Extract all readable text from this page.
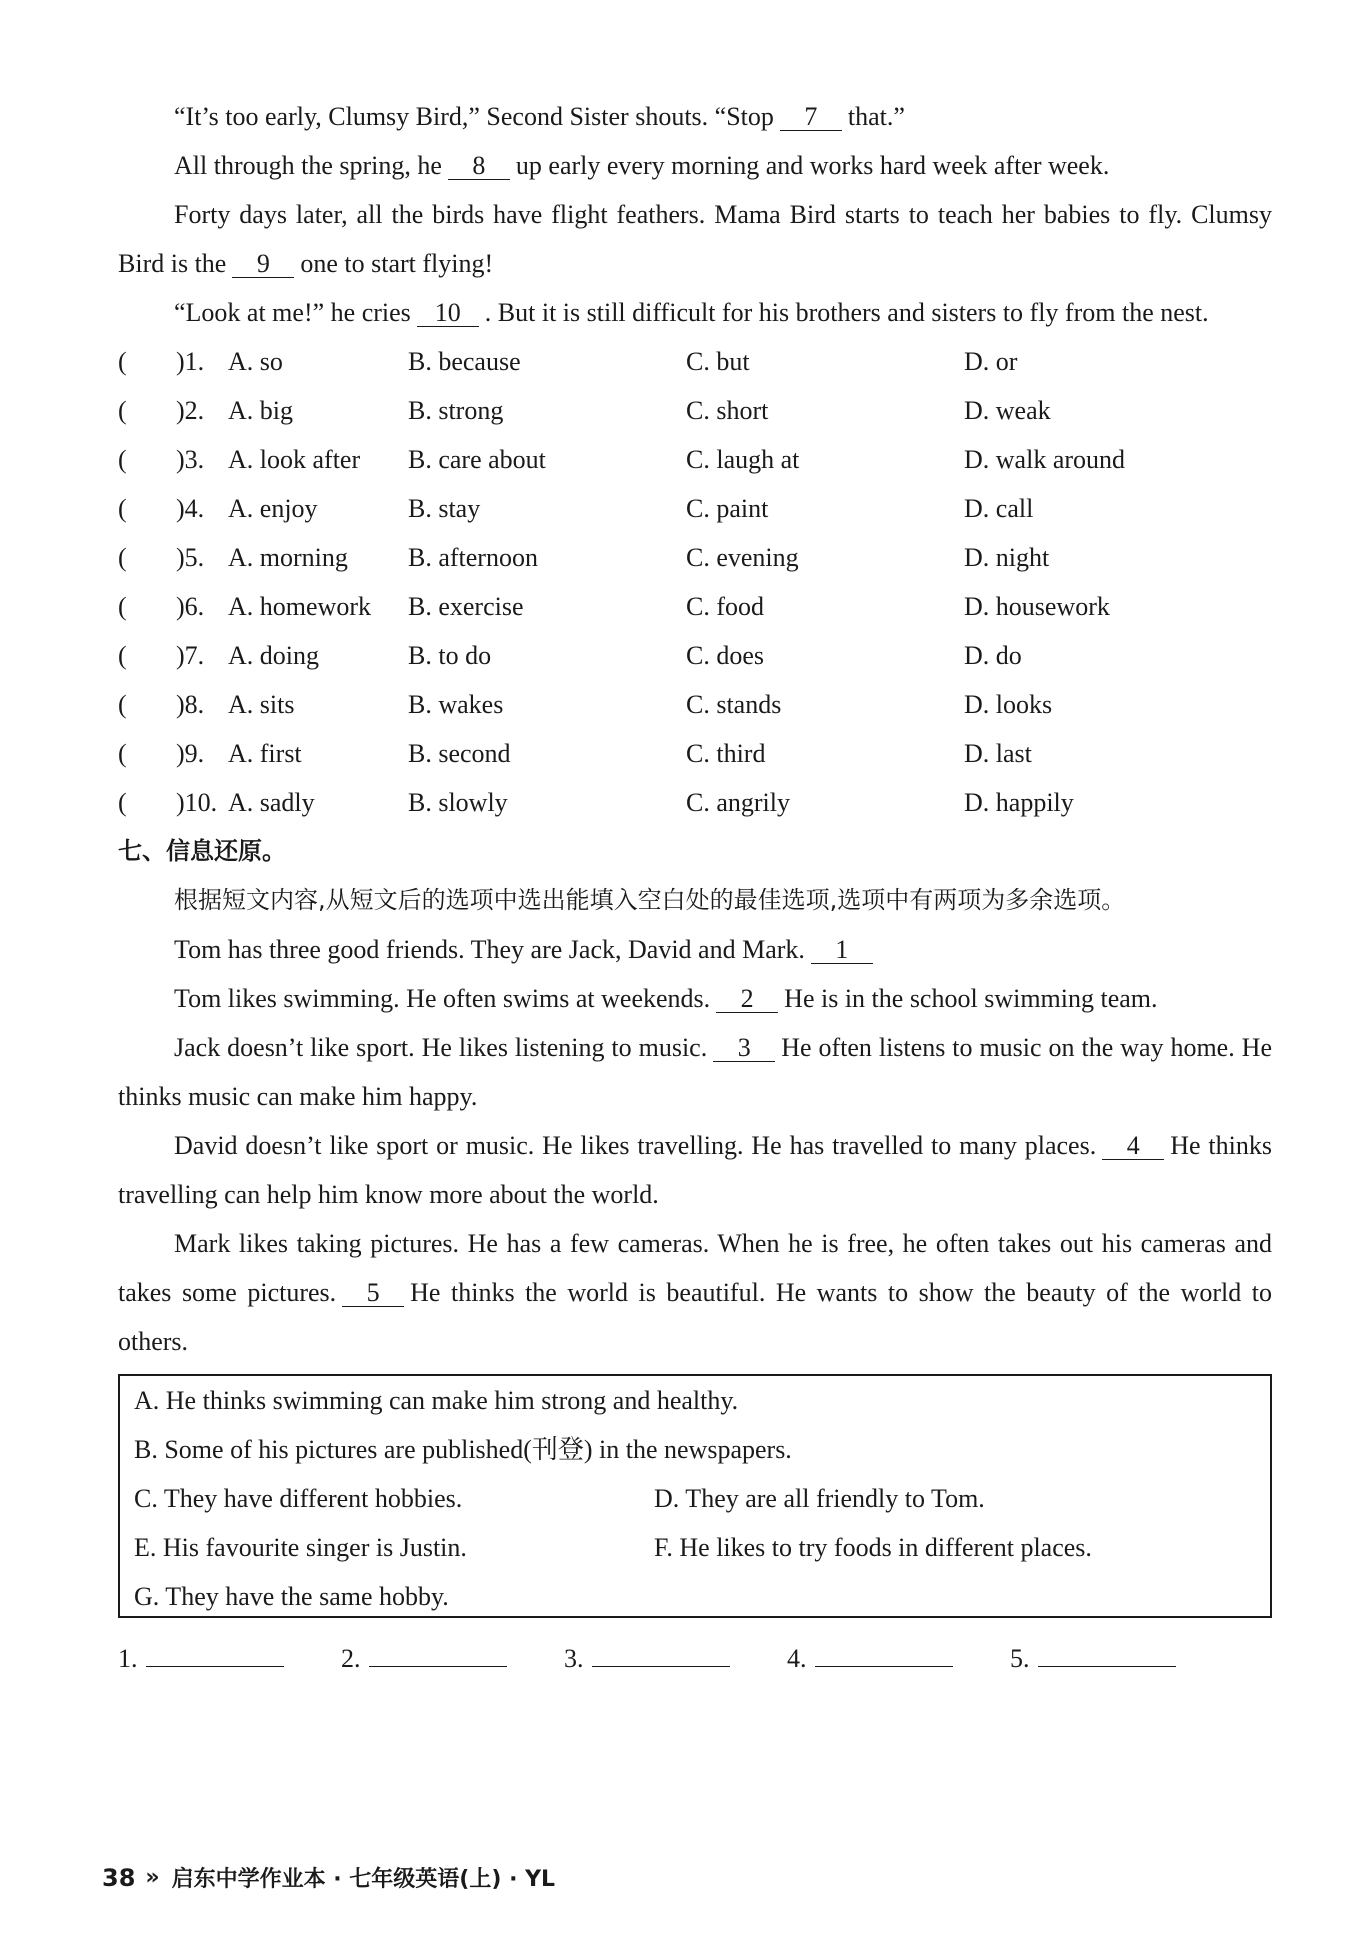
“It’s too early, Clumsy Bird,” Second Sister shouts. “Stop 7 that.”
All through the spring, he 8 up early every morning and works hard week after week.
Forty days later, all the birds have flight feathers. Mama Bird starts to teach her babies to fly. Clumsy Bird is the 9 one to start flying!
“Look at me!” he cries 10 . But it is still difficult for his brothers and sisters to fly from the nest.
(	)1. A. so	B. because	C. but	D. or
(	)2. A. big	B. strong	C. short	D. weak
(	)3. A. look after	B. care about	C. laugh at	D. walk around
(	)4. A. enjoy	B. stay	C. paint	D. call
(	)5. A. morning	B. afternoon	C. evening	D. night
(	)6. A. homework	B. exercise	C. food	D. housework
(	)7. A. doing	B. to do	C. does	D. do
(	)8. A. sits	B. wakes	C. stands	D. looks
(	)9. A. first	B. second	C. third	D. last
(	)10. A. sadly	B. slowly	C. angrily	D. happily
七、信息还原。
根据短文内容,从短文后的选项中选出能填入空白处的最佳选项,选项中有两项为多余选项。
Tom has three good friends. They are Jack, David and Mark. 1
Tom likes swimming. He often swims at weekends. 2 He is in the school swimming team.
Jack doesn’t like sport. He likes listening to music. 3 He often listens to music on the way home. He thinks music can make him happy.
David doesn’t like sport or music. He likes travelling. He has travelled to many places. 4 He thinks travelling can help him know more about the world.
Mark likes taking pictures. He has a few cameras. When he is free, he often takes out his cameras and takes some pictures. 5 He thinks the world is beautiful. He wants to show the beauty of the world to others.
A. He thinks swimming can make him strong and healthy.
B. Some of his pictures are published(刊登) in the newspapers.
C. They have different hobbies.	D. They are all friendly to Tom.
E. His favourite singer is Justin.	F. He likes to try foods in different places.
G. They have the same hobby.
1.	2.	3.	4.	5.
38 » 启东中学作业本 · 七年级英语(上) · YL
